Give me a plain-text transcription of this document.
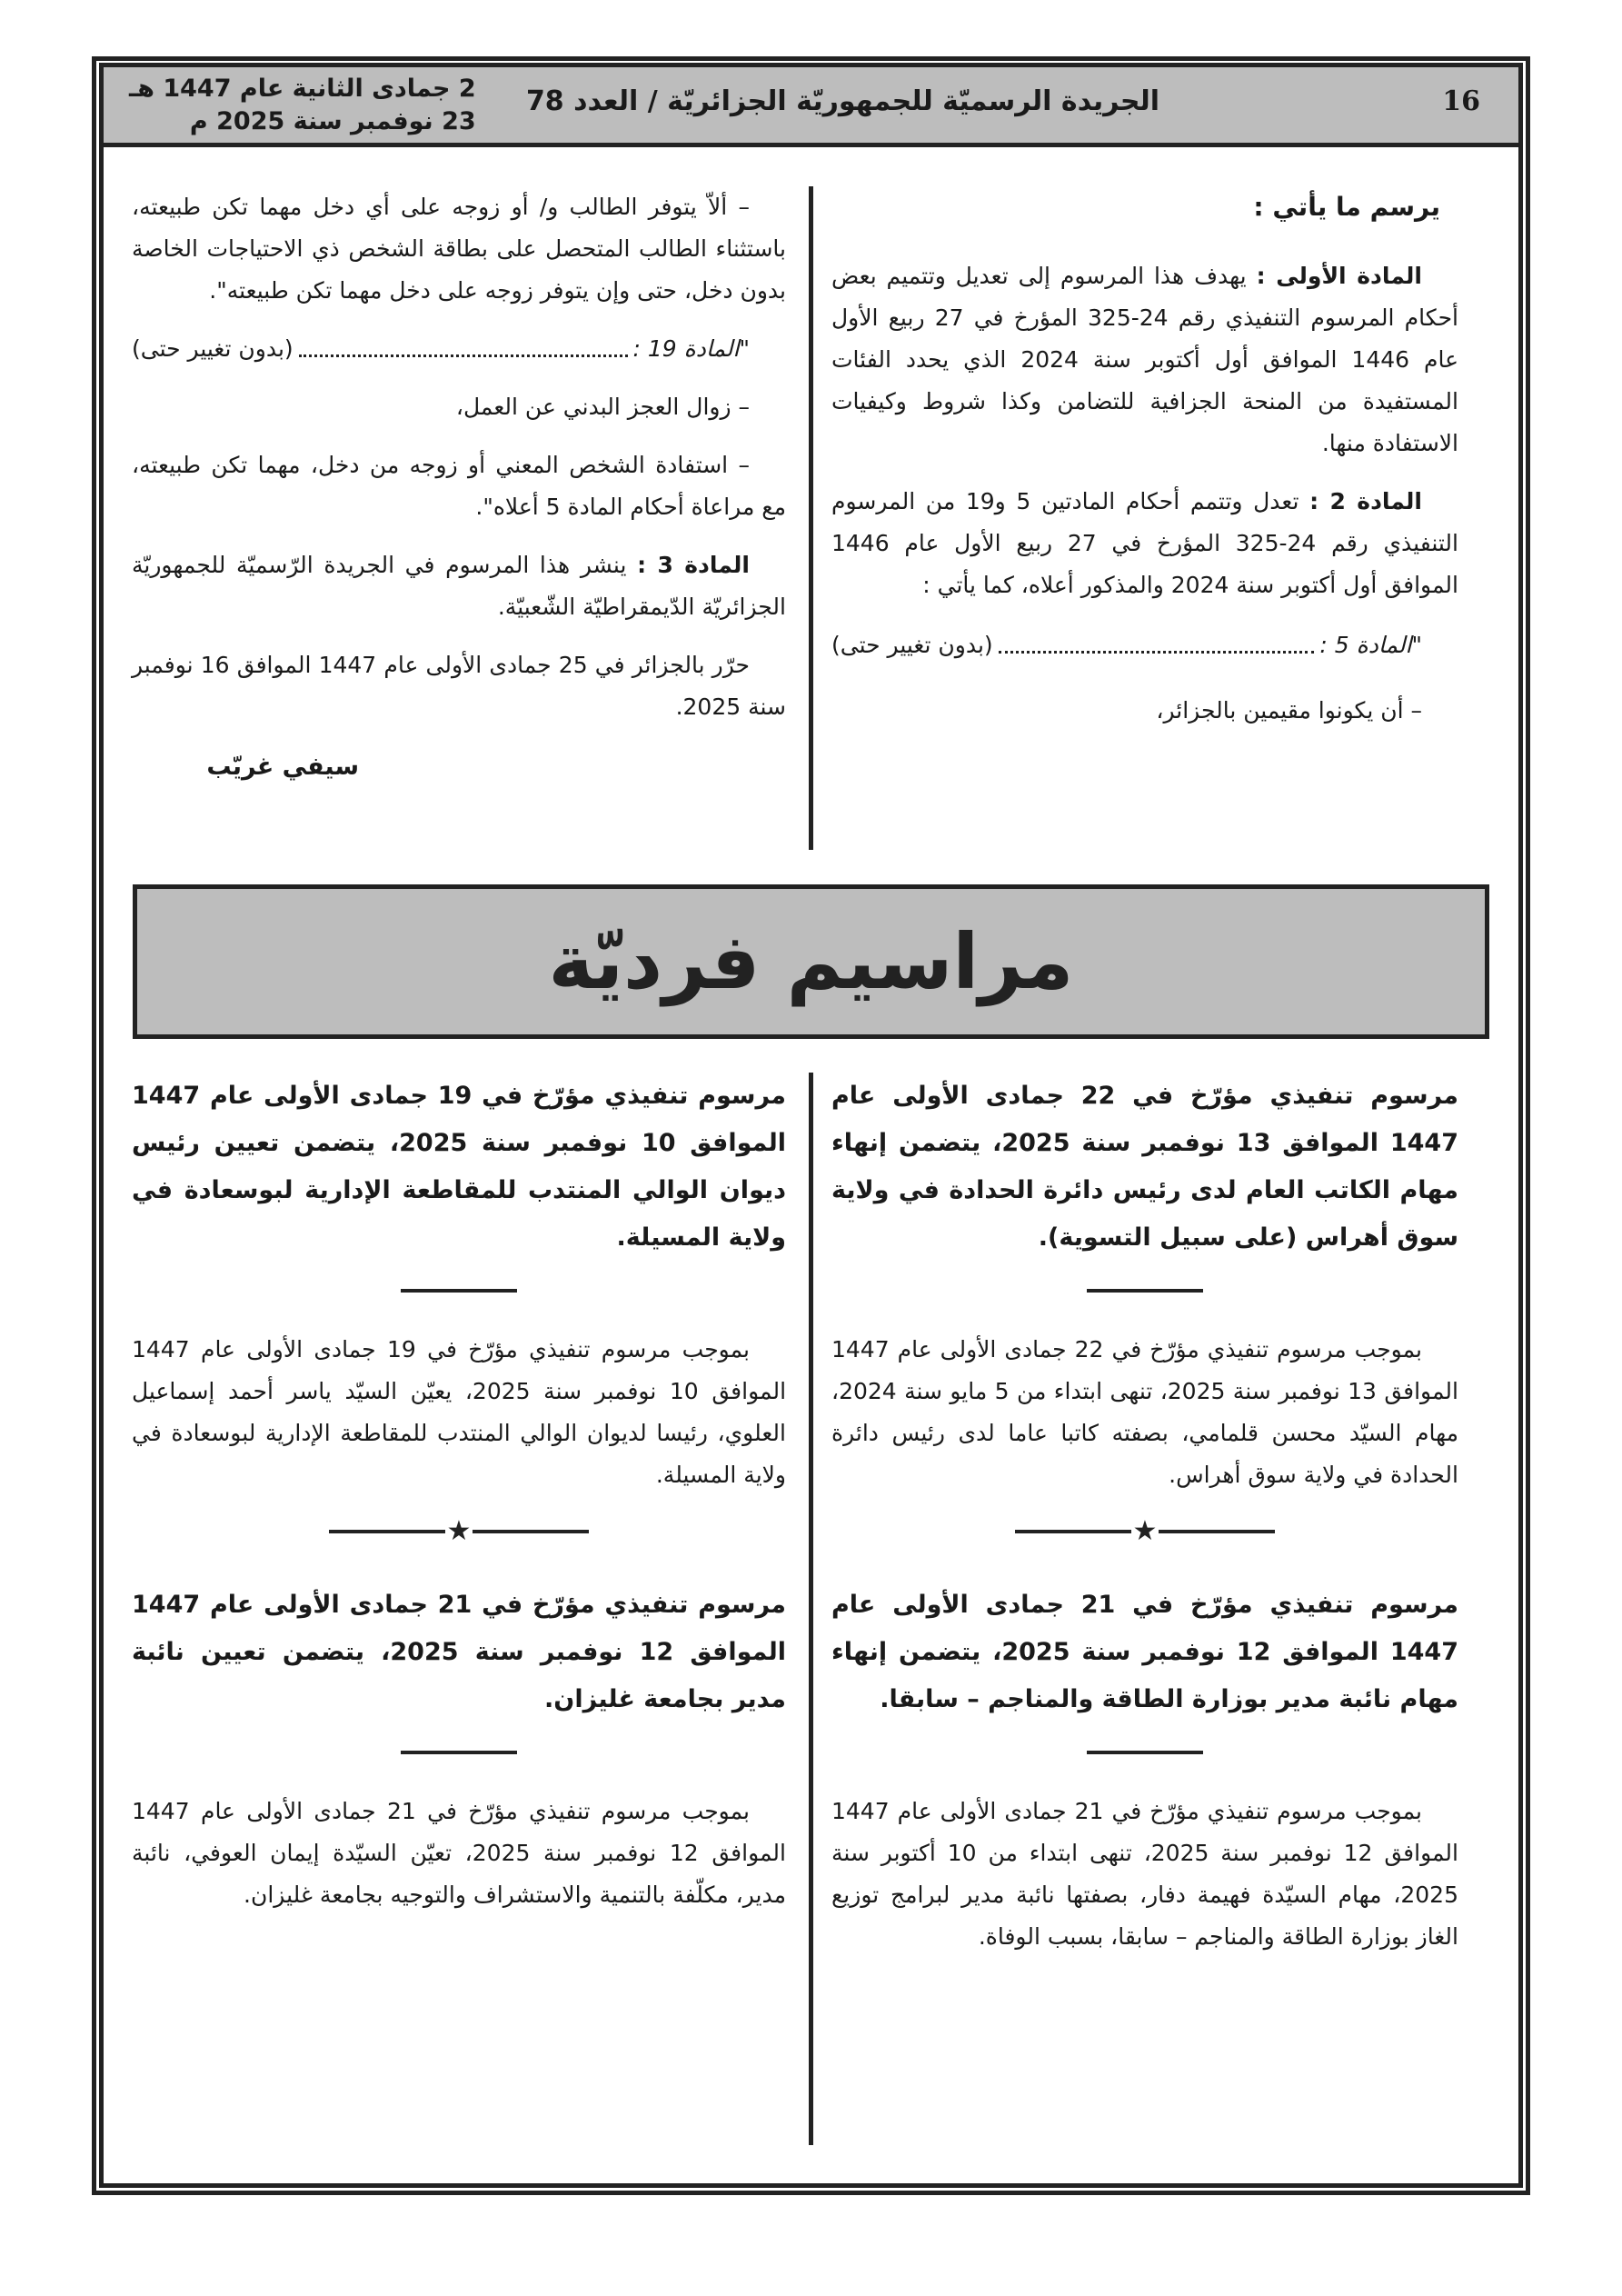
16
الجريدة الرسميّة للجمهوريّة الجزائريّة / العدد 78
2 جمادى الثانية عام 1447 هـ
23 نوفمبر سنة 2025 م

يرسم ما يأتي :

المادة الأولى : يهدف هذا المرسوم إلى تعديل وتتميم بعض أحكام المرسوم التنفيذي رقم 24-325 المؤرخ في 27 ربيع الأول عام 1446 الموافق أول أكتوبر سنة 2024 الذي يحدد الفئات المستفيدة من المنحة الجزافية للتضامن وكذا شروط وكيفيات الاستفادة منها.

المادة 2 : تعدل وتتمم أحكام المادتين 5 و19 من المرسوم التنفيذي رقم 24-325 المؤرخ في 27 ربيع الأول عام 1446 الموافق أول أكتوبر سنة 2024 والمذكور أعلاه، كما يأتي :

"المادة 5 :
(بدون تغيير حتى)

– أن يكونوا مقيمين بالجزائر،

– ألاّ يتوفر الطالب و/ أو زوجه على أي دخل مهما تكن طبيعته، باستثناء الطالب المتحصل على بطاقة الشخص ذي الاحتياجات الخاصة بدون دخل، حتى وإن يتوفر زوجه على دخل مهما تكن طبيعته".

"المادة 19 :
(بدون تغيير حتى)

– زوال العجز البدني عن العمل،

– استفادة الشخص المعني أو زوجه من دخل، مهما تكن طبيعته، مع مراعاة أحكام المادة 5 أعلاه".

المادة 3 : ينشر هذا المرسوم في الجريدة الرّسميّة للجمهوريّة الجزائريّة الدّيمقراطيّة الشّعبيّة.

حرّر بالجزائر في 25 جمادى الأولى عام 1447 الموافق 16 نوفمبر سنة 2025.

سيفي غريّب

مراسيم فرديّة

مرسوم تنفيذي مؤرّخ في 22 جمادى الأولى عام 1447 الموافق 13 نوفمبر سنة 2025، يتضمن إنهاء مهام الكاتب العام لدى رئيس دائرة الحدادة في ولاية سوق أهراس (على سبيل التسوية).

بموجب مرسوم تنفيذي مؤرّخ في 22 جمادى الأولى عام 1447 الموافق 13 نوفمبر سنة 2025، تنهى ابتداء من 5 مايو سنة 2024، مهام السيّد محسن قلمامي، بصفته كاتبا عاما لدى رئيس دائرة الحدادة في ولاية سوق أهراس.

★

مرسوم تنفيذي مؤرّخ في 21 جمادى الأولى عام 1447 الموافق 12 نوفمبر سنة 2025، يتضمن إنهاء مهام نائبة مدير بوزارة الطاقة والمناجم – سابقا.

بموجب مرسوم تنفيذي مؤرّخ في 21 جمادى الأولى عام 1447 الموافق 12 نوفمبر سنة 2025، تنهى ابتداء من 10 أكتوبر سنة 2025، مهام السيّدة فهيمة دفار، بصفتها نائبة مدير لبرامج توزيع الغاز بوزارة الطاقة والمناجم – سابقا، بسبب الوفاة.

مرسوم تنفيذي مؤرّخ في 19 جمادى الأولى عام 1447 الموافق 10 نوفمبر سنة 2025، يتضمن تعيين رئيس ديوان الوالي المنتدب للمقاطعة الإدارية لبوسعادة في ولاية المسيلة.

بموجب مرسوم تنفيذي مؤرّخ في 19 جمادى الأولى عام 1447 الموافق 10 نوفمبر سنة 2025، يعيّن السيّد ياسر أحمد إسماعيل العلوي، رئيسا لديوان الوالي المنتدب للمقاطعة الإدارية لبوسعادة في ولاية المسيلة.

★

مرسوم تنفيذي مؤرّخ في 21 جمادى الأولى عام 1447 الموافق 12 نوفمبر سنة 2025، يتضمن تعيين نائبة مدير بجامعة غليزان.

بموجب مرسوم تنفيذي مؤرّخ في 21 جمادى الأولى عام 1447 الموافق 12 نوفمبر سنة 2025، تعيّن السيّدة إيمان العوفي، نائبة مدير، مكلّفة بالتنمية والاستشراف والتوجيه بجامعة غليزان.
